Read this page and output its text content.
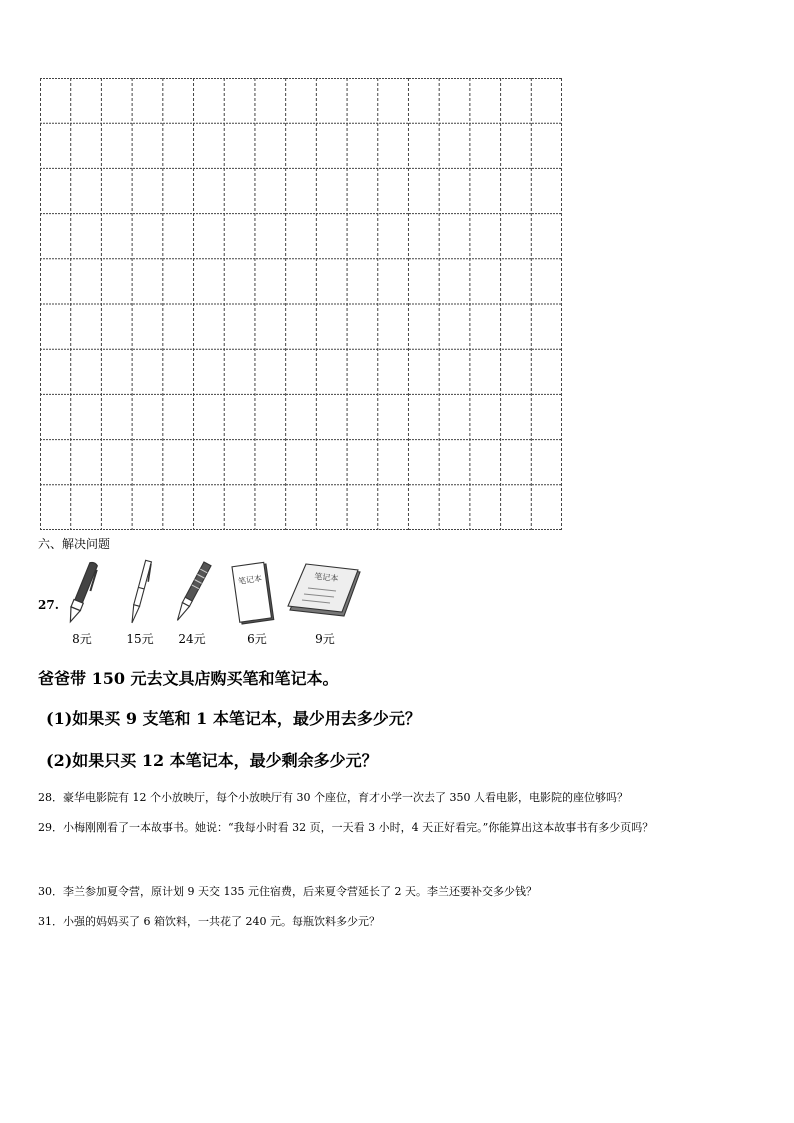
六、解决问题
27.
8元	15元	24元
笔记本
6元
笔记本
9元
爸爸带 150 元去文具店购买笔和笔记本。
(1)如果买 9 支笔和 1 本笔记本，最少用去多少元？
(2)如果只买 12 本笔记本，最少剩余多少元？
28．豪华电影院有 12 个小放映厅，每个小放映厅有 30 个座位，育才小学一次去了 350 人看电影，电影院的座位够吗？
29．小梅刚刚看了一本故事书。她说：“我每小时看 32 页，一天看 3 小时，4 天正好看完。”你能算出这本故事书有多少页吗？
30．李兰参加夏令营，原计划 9 天交 135 元住宿费，后来夏令营延长了 2 天。李兰还要补交多少钱？
31．小强的妈妈买了 6 箱饮料，一共花了 240 元。每瓶饮料多少元？
